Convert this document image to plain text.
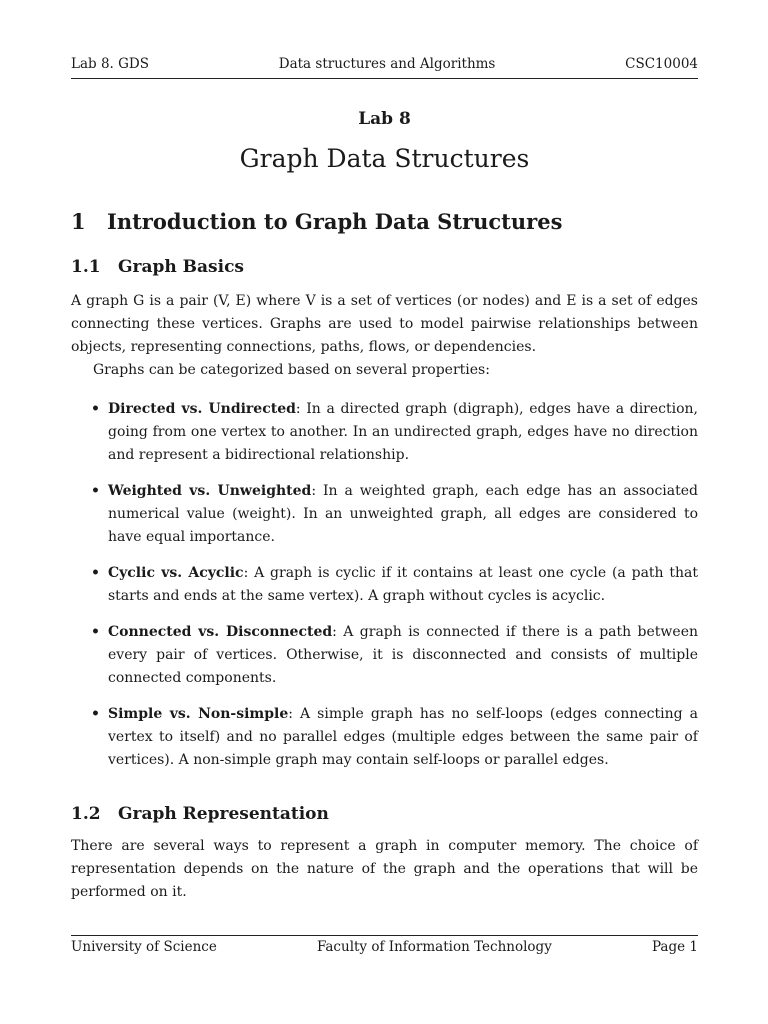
Lab 8. GDS	Data structures and Algorithms	CSC10004
Lab 8
Graph Data Structures
1 Introduction to Graph Data Structures
1.1 Graph Basics

A graph G is a pair (V, E) where V is a set of vertices (or nodes) and E is a set of edges connecting these vertices. Graphs are used to model pairwise relationships between objects, representing connections, paths, flows, or dependencies.

Graphs can be categorized based on several properties:

• Directed vs. Undirected: In a directed graph (digraph), edges have a direction, going from one vertex to another. In an undirected graph, edges have no direction and represent a bidirectional relationship.
• Weighted vs. Unweighted: In a weighted graph, each edge has an associated numerical value (weight). In an unweighted graph, all edges are considered to have equal importance.
• Cyclic vs. Acyclic: A graph is cyclic if it contains at least one cycle (a path that starts and ends at the same vertex). A graph without cycles is acyclic.
• Connected vs. Disconnected: A graph is connected if there is a path between every pair of vertices. Otherwise, it is disconnected and consists of multiple connected components.
• Simple vs. Non-simple: A simple graph has no self-loops (edges connecting a vertex to itself) and no parallel edges (multiple edges between the same pair of vertices). A non-simple graph may contain self-loops or parallel edges.
1.2 Graph Representation

There are several ways to represent a graph in computer memory. The choice of representation depends on the nature of the graph and the operations that will be performed on it.

University of Science	Faculty of Information Technology	Page 1
